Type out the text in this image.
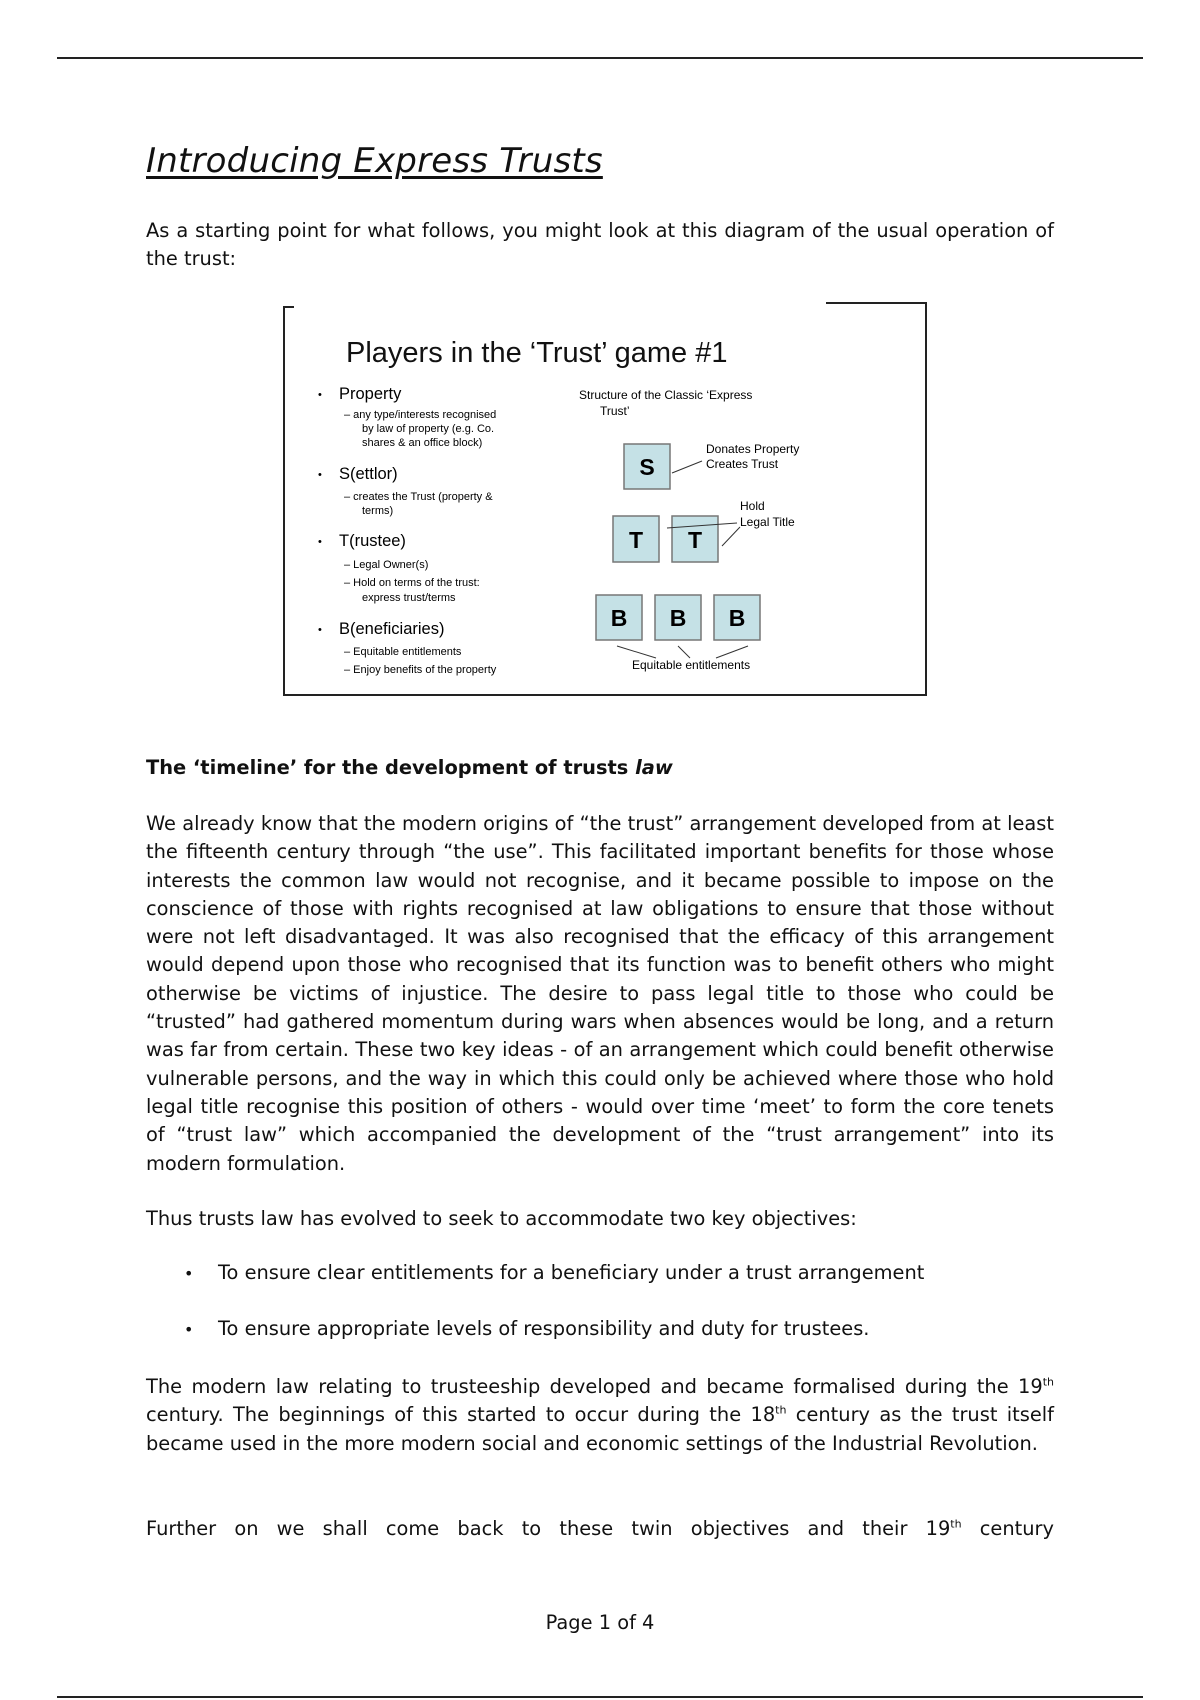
Introducing Express Trusts

As a starting point for what follows, you might look at this diagram of the usual operation of the trust:

The ‘timeline’ for the development of trusts law

We already know that the modern origins of “the trust” arrangement developed from at least the fifteenth century through “the use”. This facilitated important benefits for those whose interests the common law would not recognise, and it became possible to impose on the conscience of those with rights recognised at law obligations to ensure that those without were not left disadvantaged. It was also recognised that the efficacy of this arrangement would depend upon those who recognised that its function was to benefit others who might otherwise be victims of injustice. The desire to pass legal title to those who could be “trusted” had gathered momentum during wars when absences would be long, and a return was far from certain. These two key ideas - of an arrangement which could benefit otherwise vulnerable persons, and the way in which this could only be achieved where those who hold legal title recognise this position of others - would over time ‘meet’ to form the core tenets of “trust law” which accompanied the development of the “trust arrangement” into its modern formulation.

Thus trusts law has evolved to seek to accommodate two key objectives:

• To ensure clear entitlements for a beneficiary under a trust arrangement

• To ensure appropriate levels of responsibility and duty for trustees.

The modern law relating to trusteeship developed and became formalised during the 19th century. The beginnings of this started to occur during the 18th century as the trust itself became used in the more modern social and economic settings of the Industrial Revolution.

Further on we shall come back to these twin objectives and their 19th century

Players in the ‘Trust’ game #1
• Property
– any type/interests recognised
by law of property (e.g. Co.
shares & an office block)
• S(ettlor)
– creates the Trust (property &
terms)
• T(rustee)
– Legal Owner(s)
– Hold on terms of the trust:
express trust/terms
• B(eneficiaries)
– Equitable entitlements
– Enjoy benefits of the property
Structure of the Classic ‘Express
Trust’
S
Donates Property
Creates Trust
T T
Hold
Legal Title
B B B
Equitable entitlements
Page 1 of 4
